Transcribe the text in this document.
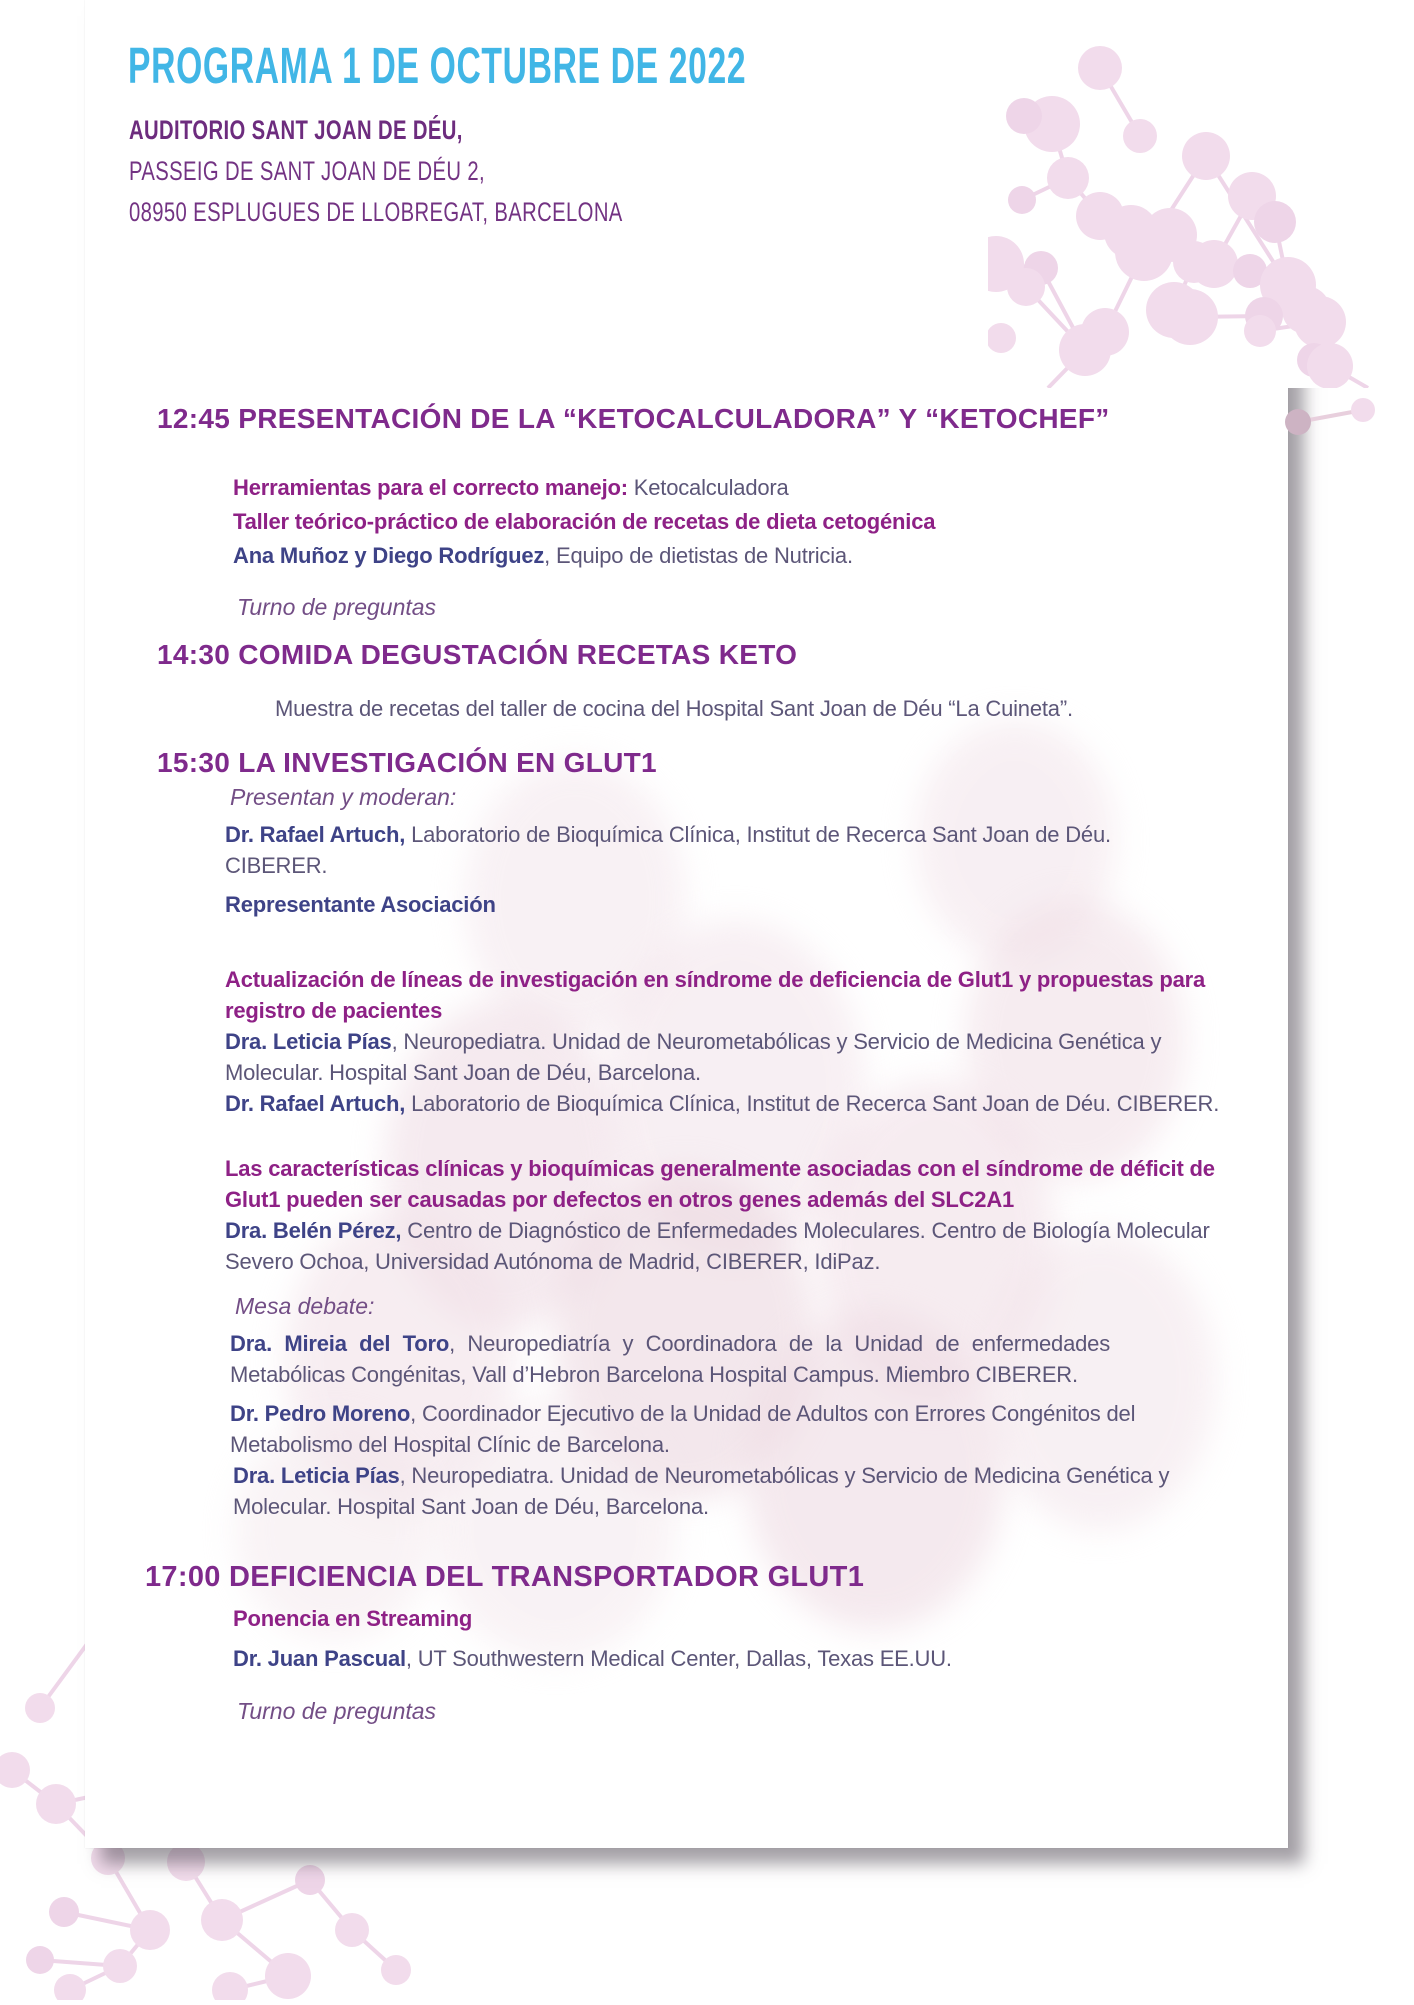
PROGRAMA 1 DE OCTUBRE DE 2022

AUDITORIO SANT JOAN DE DÉU,

PASSEIG DE SANT JOAN DE DÉU 2,

08950 ESPLUGUES DE LLOBREGAT, BARCELONA

12:45 PRESENTACIÓN DE LA “KETOCALCULADORA” Y “KETOCHEF”

Herramientas para el correcto manejo: Ketocalculadora

Taller teórico-práctico de elaboración de recetas de dieta cetogénica

Ana Muñoz y Diego Rodríguez, Equipo de dietistas de Nutricia.

Turno de preguntas

14:30 COMIDA DEGUSTACIÓN RECETAS KETO

Muestra de recetas del taller de cocina del Hospital Sant Joan de Déu “La Cuineta”.

15:30 LA INVESTIGACIÓN EN GLUT1

Presentan y moderan:

Dr. Rafael Artuch, Laboratorio de Bioquímica Clínica, Institut de Recerca Sant Joan de Déu. CIBERER.

Representante Asociación

Actualización de líneas de investigación en síndrome de deficiencia de Glut1 y propuestas para registro de pacientes

Dra. Leticia Pías, Neuropediatra. Unidad de Neurometabólicas y Servicio de Medicina Genética y Molecular. Hospital Sant Joan de Déu, Barcelona.

Dr. Rafael Artuch, Laboratorio de Bioquímica Clínica, Institut de Recerca Sant Joan de Déu. CIBERER.

Las características clínicas y bioquímicas generalmente asociadas con el síndrome de déficit de Glut1 pueden ser causadas por defectos en otros genes además del SLC2A1

Dra. Belén Pérez, Centro de Diagnóstico de Enfermedades Moleculares. Centro de Biología Molecular Severo Ochoa, Universidad Autónoma de Madrid, CIBERER, IdiPaz.

Mesa debate:

Dra. Mireia del Toro, Neuropediatría y Coordinadora de la Unidad de enfermedades Metabólicas Congénitas, Vall d’Hebron Barcelona Hospital Campus. Miembro CIBERER.

Dr. Pedro Moreno, Coordinador Ejecutivo de la Unidad de Adultos con Errores Congénitos del Metabolismo del Hospital Clínic de Barcelona.

Dra. Leticia Pías, Neuropediatra. Unidad de Neurometabólicas y Servicio de Medicina Genética y Molecular. Hospital Sant Joan de Déu, Barcelona.

17:00 DEFICIENCIA DEL TRANSPORTADOR GLUT1

Ponencia en Streaming

Dr. Juan Pascual, UT Southwestern Medical Center, Dallas, Texas EE.UU.

Turno de preguntas
